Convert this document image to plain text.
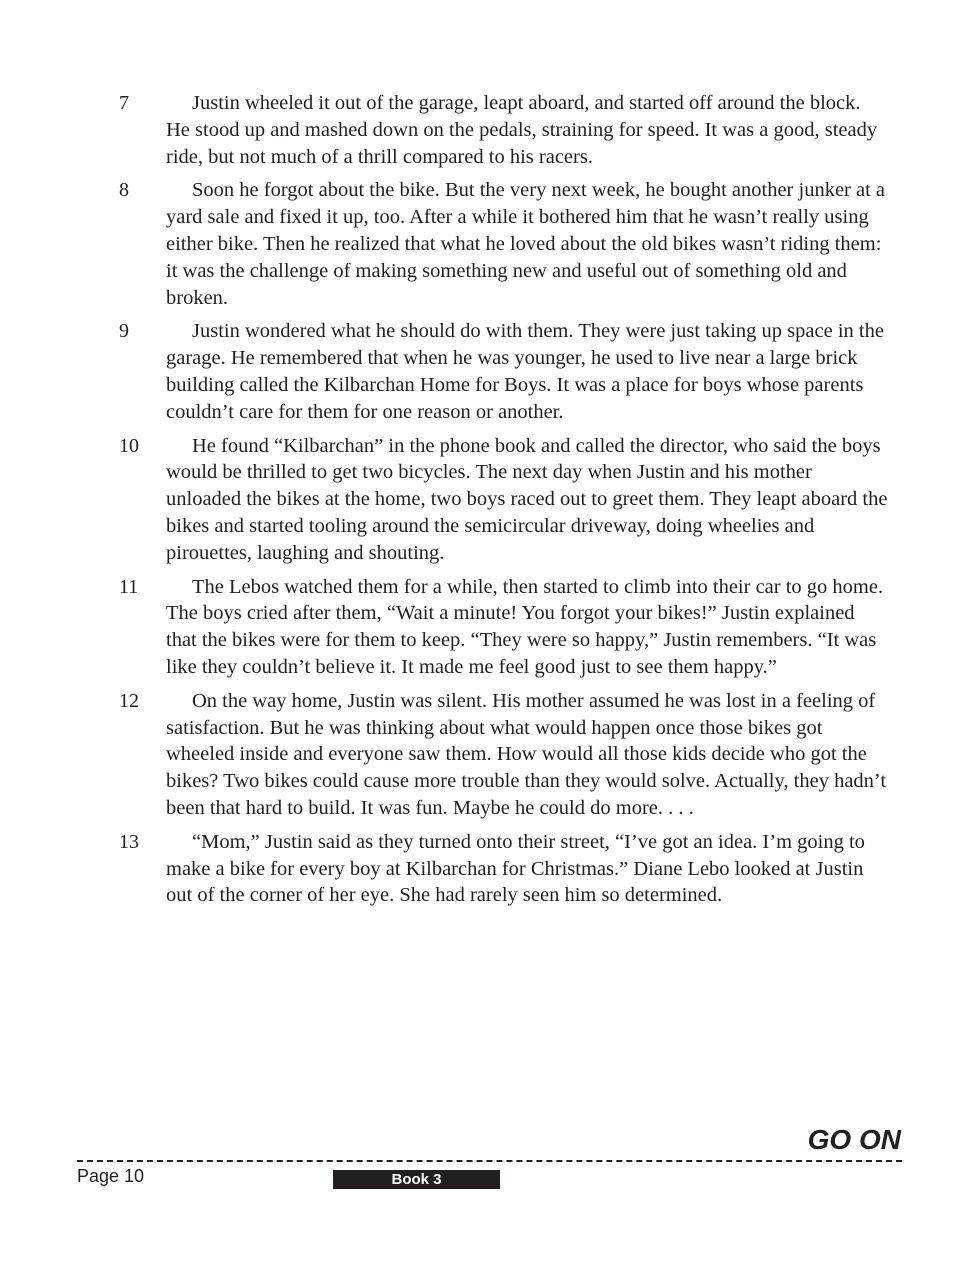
7	Justin wheeled it out of the garage, leapt aboard, and started off around the block. He stood up and mashed down on the pedals, straining for speed. It was a good, steady ride, but not much of a thrill compared to his racers.
8	Soon he forgot about the bike. But the very next week, he bought another junker at a yard sale and fixed it up, too. After a while it bothered him that he wasn’t really using either bike. Then he realized that what he loved about the old bikes wasn’t riding them: it was the challenge of making something new and useful out of something old and broken.
9	Justin wondered what he should do with them. They were just taking up space in the garage. He remembered that when he was younger, he used to live near a large brick building called the Kilbarchan Home for Boys. It was a place for boys whose parents couldn’t care for them for one reason or another.
10	He found “Kilbarchan” in the phone book and called the director, who said the boys would be thrilled to get two bicycles. The next day when Justin and his mother unloaded the bikes at the home, two boys raced out to greet them. They leapt aboard the bikes and started tooling around the semicircular driveway, doing wheelies and pirouettes, laughing and shouting.
11	The Lebos watched them for a while, then started to climb into their car to go home. The boys cried after them, “Wait a minute! You forgot your bikes!” Justin explained that the bikes were for them to keep. “They were so happy,” Justin remembers. “It was like they couldn’t believe it. It made me feel good just to see them happy.”
12	On the way home, Justin was silent. His mother assumed he was lost in a feeling of satisfaction. But he was thinking about what would happen once those bikes got wheeled inside and everyone saw them. How would all those kids decide who got the bikes? Two bikes could cause more trouble than they would solve. Actually, they hadn’t been that hard to build. It was fun. Maybe he could do more. . . .
13	“Mom,” Justin said as they turned onto their street, “I’ve got an idea. I’m going to make a bike for every boy at Kilbarchan for Christmas.” Diane Lebo looked at Justin out of the corner of her eye. She had rarely seen him so determined.
GO ON
Page 10	Book 3
